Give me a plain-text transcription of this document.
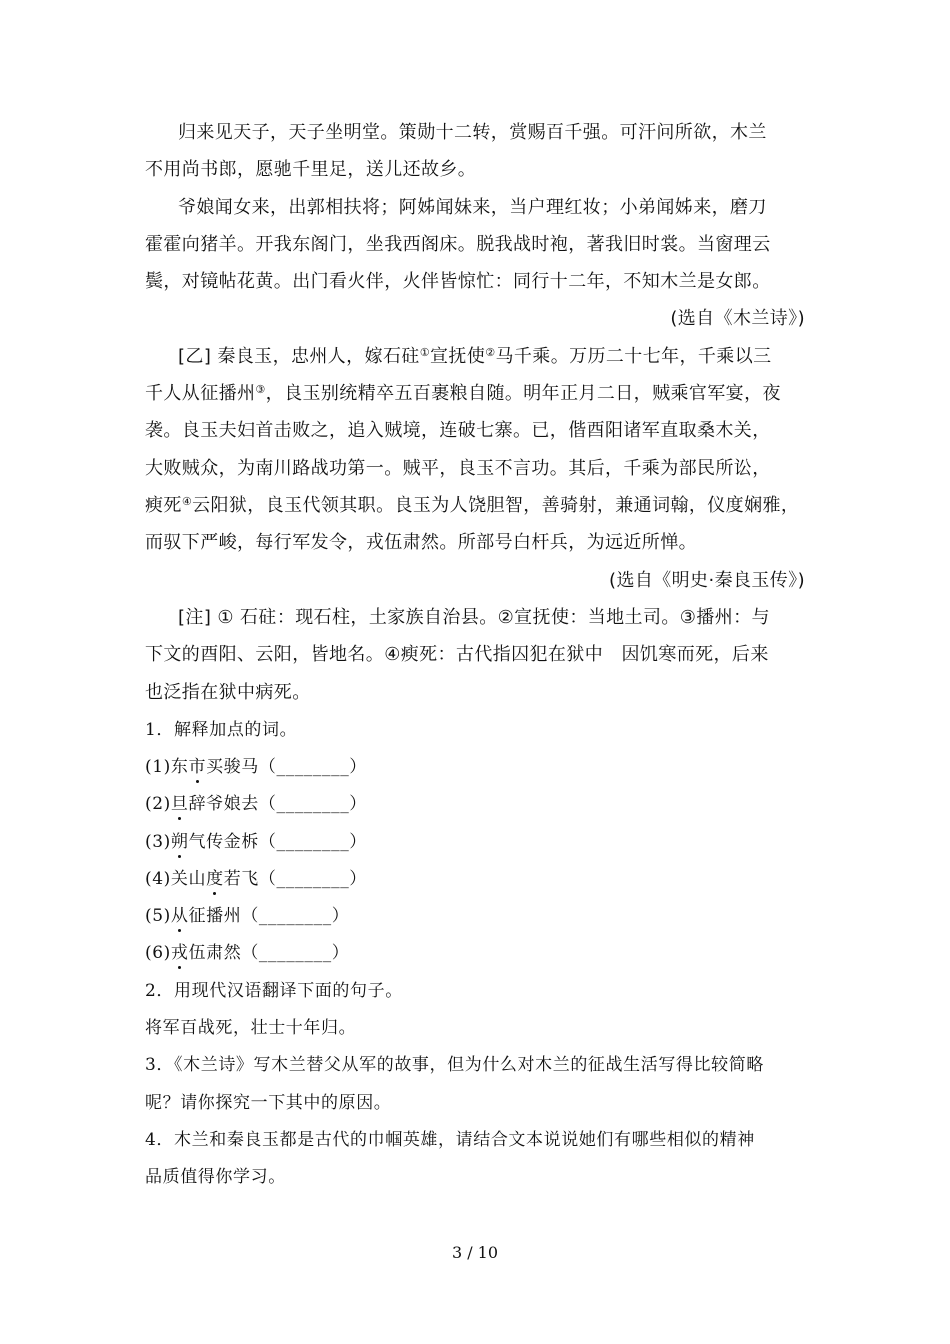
归来见天子，天子坐明堂。策勋十二转，赏赐百千强。可汗问所欲，木兰
不用尚书郎，愿驰千里足，送儿还故乡。
爷娘闻女来，出郭相扶将；阿姊闻妹来，当户理红妆；小弟闻姊来，磨刀
霍霍向猪羊。开我东阁门，坐我西阁床。脱我战时袍，著我旧时裳。当窗理云
鬓，对镜帖花黄。出门看火伴，火伴皆惊忙：同行十二年，不知木兰是女郎。
(选自《木兰诗》)
[乙] 秦良玉，忠州人，嫁石砫①宣抚使②马千乘。万历二十七年，千乘以三
千人从征播州③，良玉别统精卒五百裹粮自随。明年正月二日，贼乘官军宴，夜
袭。良玉夫妇首击败之，追入贼境，连破七寨。已，偕酉阳诸军直取桑木关，
大败贼众，为南川路战功第一。贼平，良玉不言功。其后，千乘为部民所讼，
瘐死④云阳狱，良玉代领其职。良玉为人饶胆智，善骑射，兼通词翰，仪度娴雅，
而驭下严峻，每行军发令，戎伍肃然。所部号白杆兵，为远近所惮。
(选自《明史·秦良玉传》)
[注] ① 石砫：现石柱，土家族自治县。②宣抚使：当地土司。③播州：与
下文的酉阳、云阳，皆地名。④瘐死：古代指囚犯在狱中　因饥寒而死，后来
也泛指在狱中病死。
1．解释加点的词。
(1)东市买骏马（________）
(2)旦辞爷娘去（________）
(3)朔气传金柝（________）
(4)关山度若飞（________）
(5)从征播州（________）
(6)戎伍肃然（________）
2．用现代汉语翻译下面的句子。
将军百战死，壮士十年归。
3．《木兰诗》写木兰替父从军的故事，但为什么对木兰的征战生活写得比较简略
呢？请你探究一下其中的原因。
4．木兰和秦良玉都是古代的巾帼英雄，请结合文本说说她们有哪些相似的精神
品质值得你学习。
3 / 10
